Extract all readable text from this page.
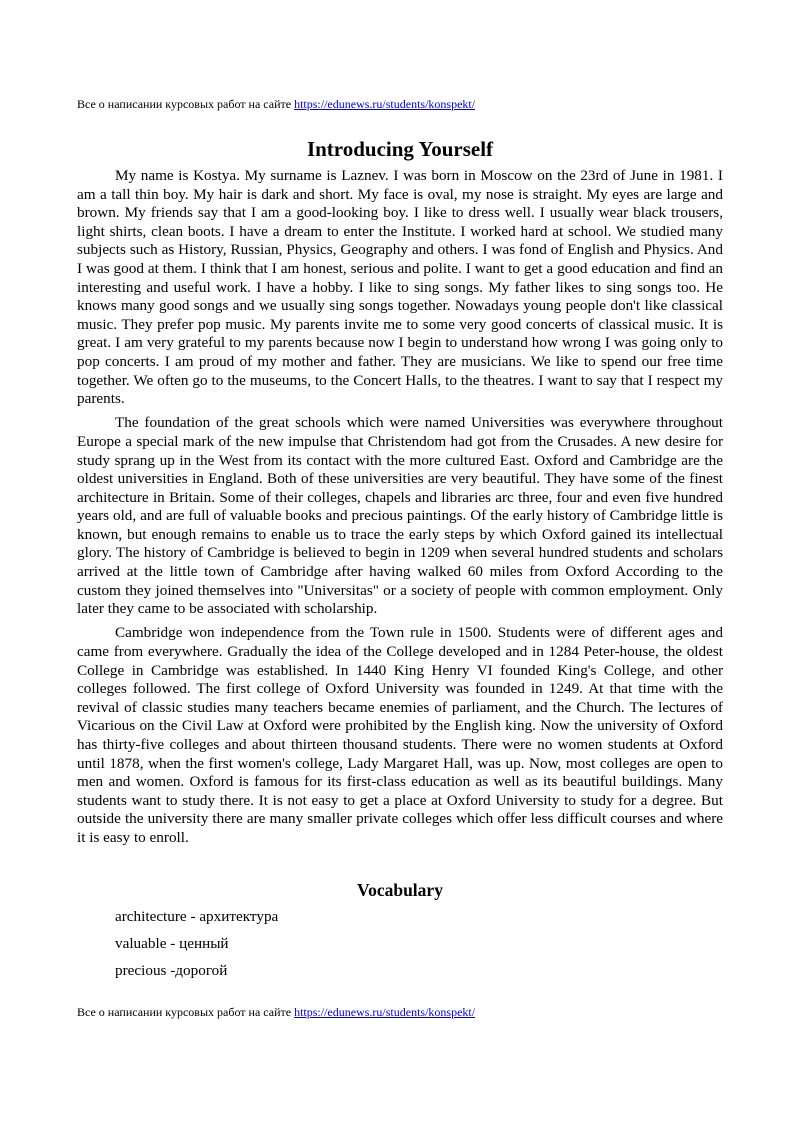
Все о написании курсовых работ на сайте https://edunews.ru/students/konspekt/
Introducing Yourself

My name is Kostya. My surname is Laznev. I was born in Moscow on the 23rd of June in 1981. I am a tall thin boy. My hair is dark and short. My face is oval, my nose is straight. My eyes are large and brown. My friends say that I am a good-looking boy. I like to dress well. I usually wear black trousers, light shirts, clean boots. I have a dream to enter the Institute. I worked hard at school. We studied many subjects such as History, Russian, Physics, Geography and others. I was fond of English and Physics. And I was good at them. I think that I am honest, serious and polite. I want to get a good education and find an interesting and useful work. I have a hobby. I like to sing songs. My father likes to sing songs too. He knows many good songs and we usually sing songs together. Nowadays young people don't like classical music. They prefer pop music. My parents invite me to some very good concerts of classical music. It is great. I am very grateful to my parents because now I begin to understand how wrong I was going only to pop concerts. I am proud of my mother and father. They are musicians. We like to spend our free time together. We often go to the museums, to the Concert Halls, to the theatres. I want to say that I respect my parents.

The foundation of the great schools which were named Universities was everywhere throughout Europe a special mark of the new impulse that Christendom had got from the Crusades. A new desire for study sprang up in the West from its contact with the more cultured East. Oxford and Cambridge are the oldest universities in England. Both of these universities are very beautiful. They have some of the finest architecture in Britain. Some of their colleges, chapels and libraries arc three, four and even five hundred years old, and are full of valuable books and precious paintings. Of the early history of Cambridge little is known, but enough remains to enable us to trace the early steps by which Oxford gained its intellectual glory. The history of Cambridge is believed to begin in 1209 when several hundred students and scholars arrived at the little town of Cambridge after having walked 60 miles from Oxford According to the custom they joined themselves into "Universitas" or a society of people with common employment. Only later they came to be associated with scholarship.

Cambridge won independence from the Town rule in 1500. Students were of different ages and came from everywhere. Gradually the idea of the College developed and in 1284 Peter-house, the oldest College in Cambridge was established. In 1440 King Henry VI founded King's College, and other colleges followed. The first college of Oxford University was founded in 1249. At that time with the revival of classic studies many teachers became enemies of parliament, and the Church. The lectures of Vicarious on the Civil Law at Oxford were prohibited by the English king. Now the university of Oxford has thirty-five colleges and about thirteen thousand students. There were no women students at Oxford until 1878, when the first women's college, Lady Margaret Hall, was up. Now, most colleges are open to men and women. Oxford is famous for its first-class education as well as its beautiful buildings. Many students want to study there. It is not easy to get a place at Oxford University to study for a degree. But outside the university there are many smaller private colleges which offer less difficult courses and where it is easy to enroll.

Vocabulary
architecture - архитектура
valuable - ценный
precious -дорогой
Все о написании курсовых работ на сайте https://edunews.ru/students/konspekt/
